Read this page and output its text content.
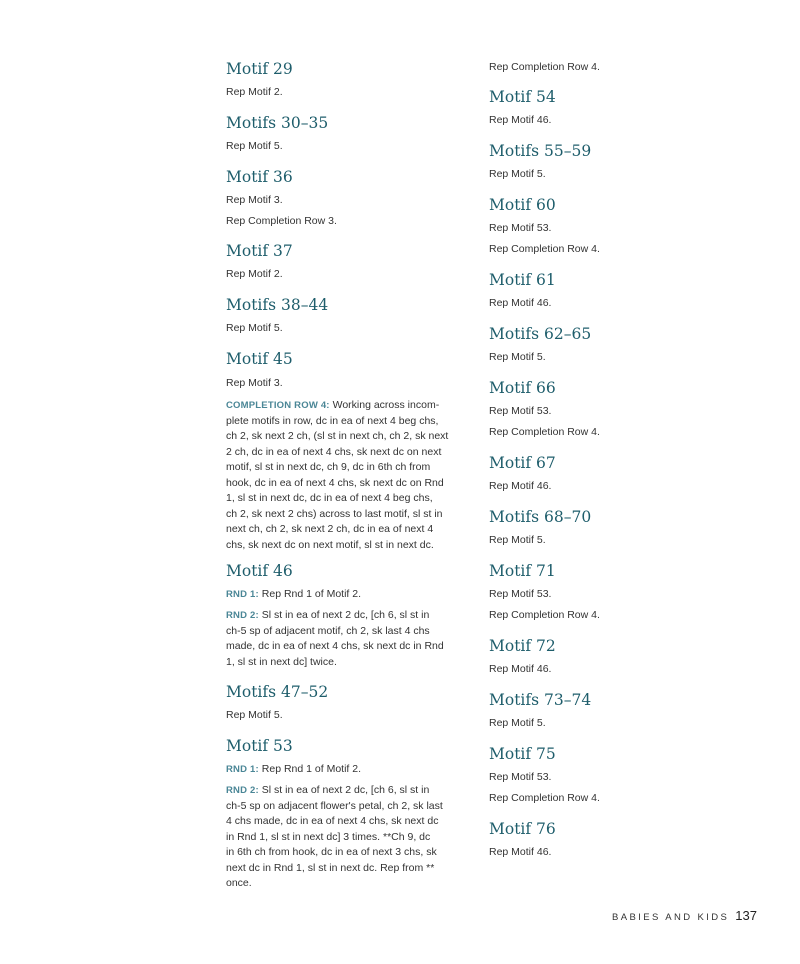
Motif 29
Rep Motif 2.
Motifs 30–35
Rep Motif 5.
Motif 36
Rep Motif 3.
Rep Completion Row 3.
Motif 37
Rep Motif 2.
Motifs 38–44
Rep Motif 5.
Motif 45
Rep Motif 3.
COMPLETION ROW 4: Working across incom-
plete motifs in row, dc in ea of next 4 beg chs,
ch 2, sk next 2 ch, (sl st in next ch, ch 2, sk next
2 ch, dc in ea of next 4 chs, sk next dc on next
motif, sl st in next dc, ch 9, dc in 6th ch from
hook, dc in ea of next 4 chs, sk next dc on Rnd
1, sl st in next dc, dc in ea of next 4 beg chs,
ch 2, sk next 2 chs) across to last motif, sl st in
next ch, ch 2, sk next 2 ch, dc in ea of next 4
chs, sk next dc on next motif, sl st in next dc.
Motif 46
RND 1: Rep Rnd 1 of Motif 2.
RND 2: Sl st in ea of next 2 dc, [ch 6, sl st in
ch-5 sp of adjacent motif, ch 2, sk last 4 chs
made, dc in ea of next 4 chs, sk next dc in Rnd
1, sl st in next dc] twice.
Motifs 47–52
Rep Motif 5.
Motif 53
RND 1: Rep Rnd 1 of Motif 2.
RND 2: Sl st in ea of next 2 dc, [ch 6, sl st in
ch-5 sp on adjacent flower's petal, ch 2, sk last
4 chs made, dc in ea of next 4 chs, sk next dc
in Rnd 1, sl st in next dc] 3 times. **Ch 9, dc
in 6th ch from hook, dc in ea of next 3 chs, sk
next dc in Rnd 1, sl st in next dc. Rep from **
once.
Rep Completion Row 4.
Motif 54
Rep Motif 46.
Motifs 55–59
Rep Motif 5.
Motif 60
Rep Motif 53.
Rep Completion Row 4.
Motif 61
Rep Motif 46.
Motifs 62–65
Rep Motif 5.
Motif 66
Rep Motif 53.
Rep Completion Row 4.
Motif 67
Rep Motif 46.
Motifs 68–70
Rep Motif 5.
Motif 71
Rep Motif 53.
Rep Completion Row 4.
Motif 72
Rep Motif 46.
Motifs 73–74
Rep Motif 5.
Motif 75
Rep Motif 53.
Rep Completion Row 4.
Motif 76
Rep Motif 46.
BABIES AND KIDS 137
